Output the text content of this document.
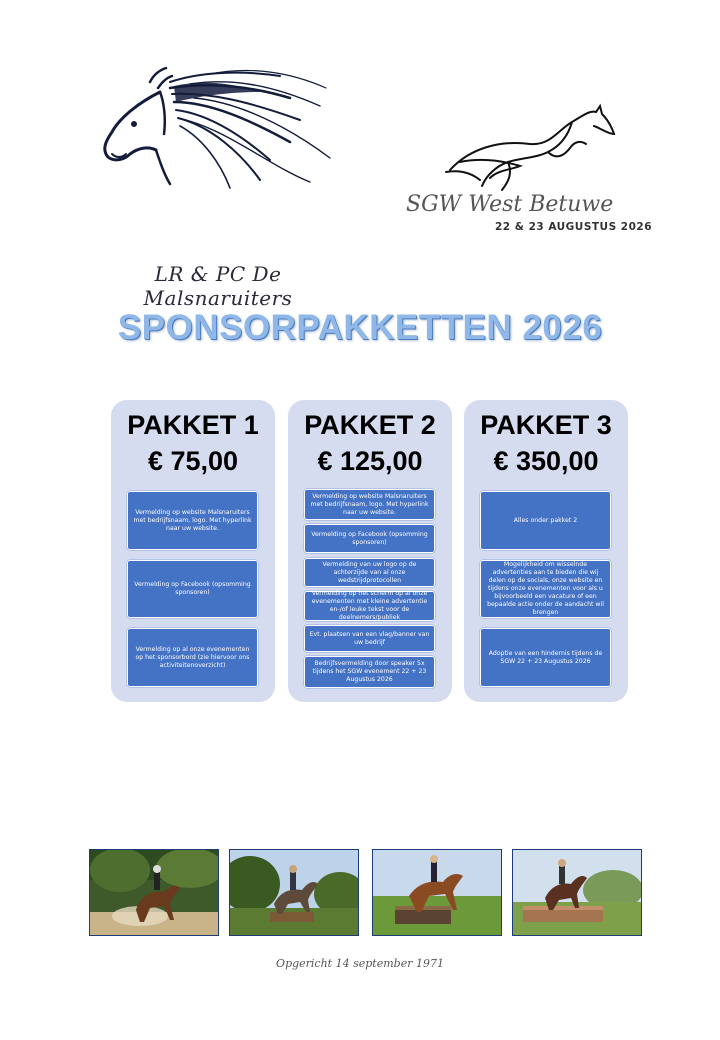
LR & PC De Malsnaruiters
SGW West Betuwe
22 & 23 AUGUSTUS 2026
SPONSORPAKKETTEN 2026
PAKKET 1
€ 75,00
Vermelding op website Malsnaruiters met bedrijfsnaam, logo. Met hyperlink naar uw website.
Vermelding op Facebook (opsomming sponsoren)
Vermelding op al onze evenementen op het sponsorbord (zie hiervoor ons activiteitenoverzicht)
PAKKET 2
€ 125,00
Vermelding op website Malsnaruiters met bedrijfsnaam, logo. Met hyperlink naar uw website.
Vermelding op Facebook (opsomming sponsoren)
Vermelding van uw logo op de achterzijde van al onze wedstrijdprotocollen
Vermelding op het scherm op al onze evenementen met kleine advertentie en-/of leuke tekst voor de deelnemers/publiek
Evt. plaatsen van een vlag/banner van uw bedrijf
Bedrijfsvermelding door speaker 5x tijdens het SGW evenement 22 + 23 Augustus 2026
PAKKET 3
€ 350,00
Alles onder pakket 2
Mogelijkheid om wisselnde advertenties aan te bieden die wij delen op de socials, onze website en tijdens onze evenementen voor als u bijvoorbeeld een vacature of een bepaalde actie onder de aandacht wil brengen
Adoptie van een hindernis tijdens de SGW 22 + 23 Augustus 2026
Opgericht 14 september 1971
